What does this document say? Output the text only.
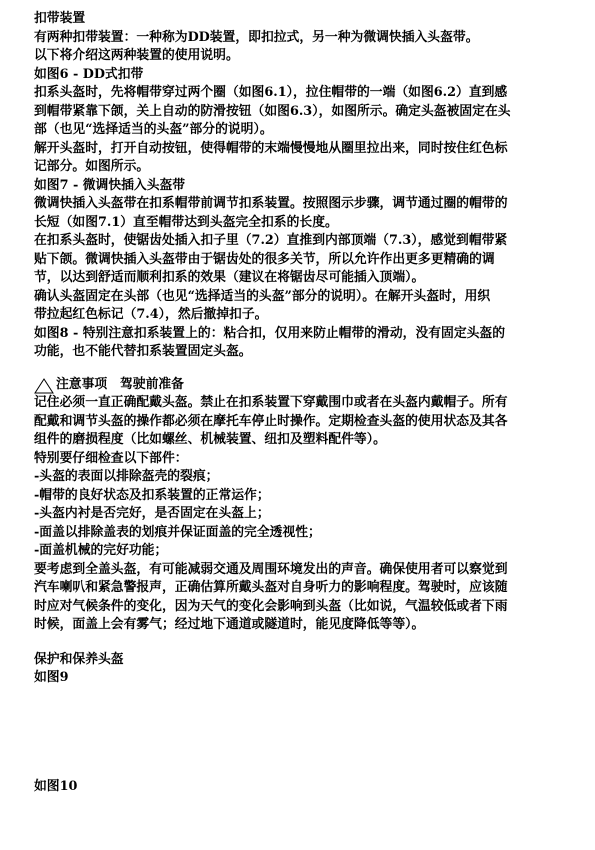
扣带装置

有两种扣带装置：一种称为DD装置，即扣拉式，另一种为微调快插入头盔带。

以下将介绍这两种装置的使用说明。

如图6 - DD式扣带

扣系头盔时，先将帽带穿过两个圈（如图6.1），拉住帽带的一端（如图6.2）直到感

到帽带紧靠下颌，关上自动的防滑按钮（如图6.3），如图所示。确定头盔被固定在头

部（也见“选择适当的头盔”部分的说明）。

解开头盔时，打开自动按钮，使得帽带的末端慢慢地从圈里拉出来，同时按住红色标

记部分。如图所示。

如图7 - 微调快插入头盔带

微调快插入头盔带在扣系帽带前调节扣系装置。按照图示步骤，调节通过圈的帽带的

长短（如图7.1）直至帽带达到头盔完全扣系的长度。

在扣系头盔时，使锯齿处插入扣子里（7.2）直推到内部顶端（7.3），感觉到帽带紧

贴下颌。微调快插入头盔带由于锯齿处的很多关节，所以允许作出更多更精确的调

节，以达到舒适而顺利扣系的效果（建议在将锯齿尽可能插入顶端）。

确认头盔固定在头部（也见“选择适当的头盔”部分的说明）。在解开头盔时，用织

带拉起红色标记（7.4），然后撤掉扣子。

如图8 - 特别注意扣系装置上的：粘合扣，仅用来防止帽带的滑动，没有固定头盔的

功能，也不能代替扣系装置固定头盔。

注意事项　驾驶前准备

记住必须一直正确配戴头盔。禁止在扣系装置下穿戴围巾或者在头盔内戴帽子。所有

配戴和调节头盔的操作都必须在摩托车停止时操作。定期检查头盔的使用状态及其各

组件的磨损程度（比如螺丝、机械装置、纽扣及塑料配件等）。

特别要仔细检查以下部件：

-头盔的表面以排除盔壳的裂痕；

-帽带的良好状态及扣系装置的正常运作；

-头盔内衬是否完好，是否固定在头盔上；

-面盖以排除盖表的划痕并保证面盖的完全透视性；

-面盖机械的完好功能；

要考虑到全盖头盔，有可能减弱交通及周围环境发出的声音。确保使用者可以察觉到

汽车喇叭和紧急警报声，正确估算所戴头盔对自身听力的影响程度。驾驶时，应该随

时应对气候条件的变化，因为天气的变化会影响到头盔（比如说，气温较低或者下雨

时候，面盖上会有雾气；经过地下通道或隧道时，能见度降低等等）。

保护和保养头盔

如图9

如图10
